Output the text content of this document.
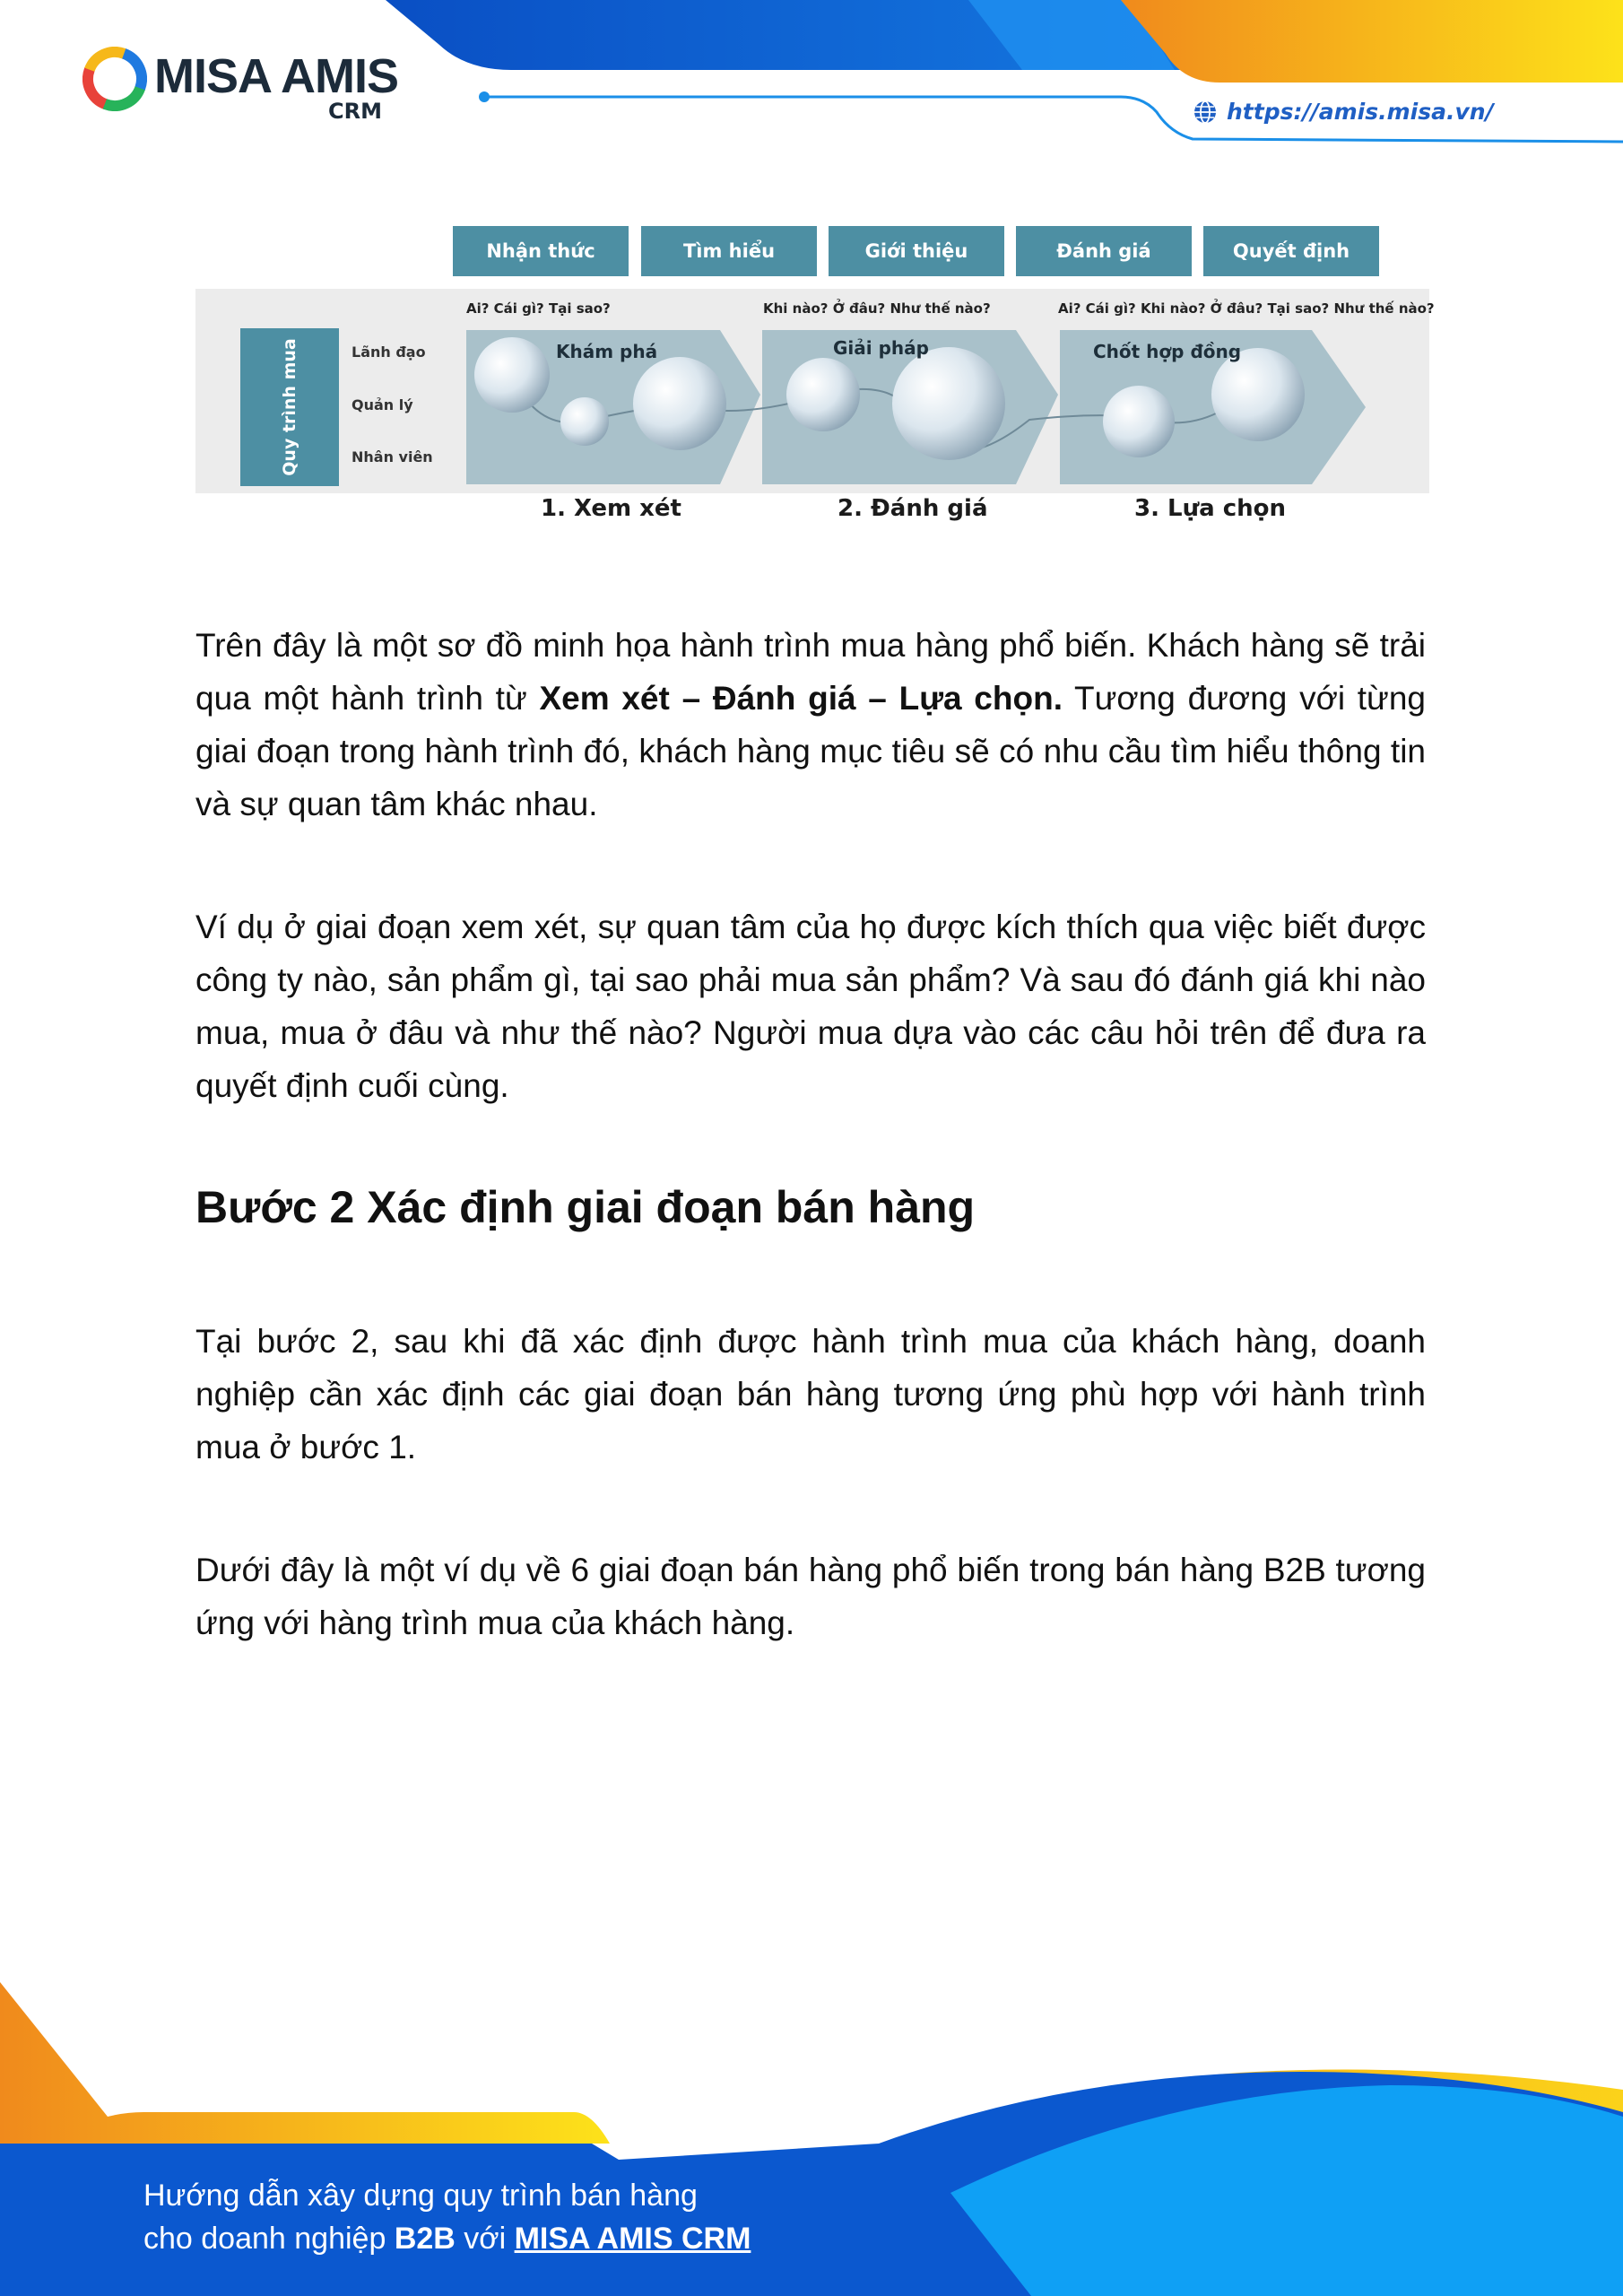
MISA AMIS
CRM	https://amis.misa.vn/
Nhận thức	Tìm hiểu	Giới thiệu	Đánh giá	Quyết định
Ai? Cái gì? Tại sao?	Khi nào? Ở đâu? Như thế nào?	Ai? Cái gì? Khi nào? Ở đâu? Tại sao? Như thế nào?
Quy trình mua	Lãnh đạo
Quản lý
Nhân viên
Khám phá	Giải pháp	Chốt hợp đồng
1. Xem xét	2. Đánh giá	3. Lựa chọn

Trên đây là một sơ đồ minh họa hành trình mua hàng phổ biến. Khách hàng sẽ trải qua một hành trình từ Xem xét – Đánh giá – Lựa chọn. Tương đương với từng giai đoạn trong hành trình đó, khách hàng mục tiêu sẽ có nhu cầu tìm hiểu thông tin và sự quan tâm khác nhau.

Ví dụ ở giai đoạn xem xét, sự quan tâm của họ được kích thích qua việc biết được công ty nào, sản phẩm gì, tại sao phải mua sản phẩm? Và sau đó đánh giá khi nào mua, mua ở đâu và như thế nào? Người mua dựa vào các câu hỏi trên để đưa ra quyết định cuối cùng.

Bước 2 Xác định giai đoạn bán hàng

Tại bước 2, sau khi đã xác định được hành trình mua của khách hàng, doanh nghiệp cần xác định các giai đoạn bán hàng tương ứng phù hợp với hành trình mua ở bước 1.

Dưới đây là một ví dụ về 6 giai đoạn bán hàng phổ biến trong bán hàng B2B tương ứng với hàng trình mua của khách hàng.

Hướng dẫn xây dựng quy trình bán hàng
cho doanh nghiệp B2B với MISA AMIS CRM
